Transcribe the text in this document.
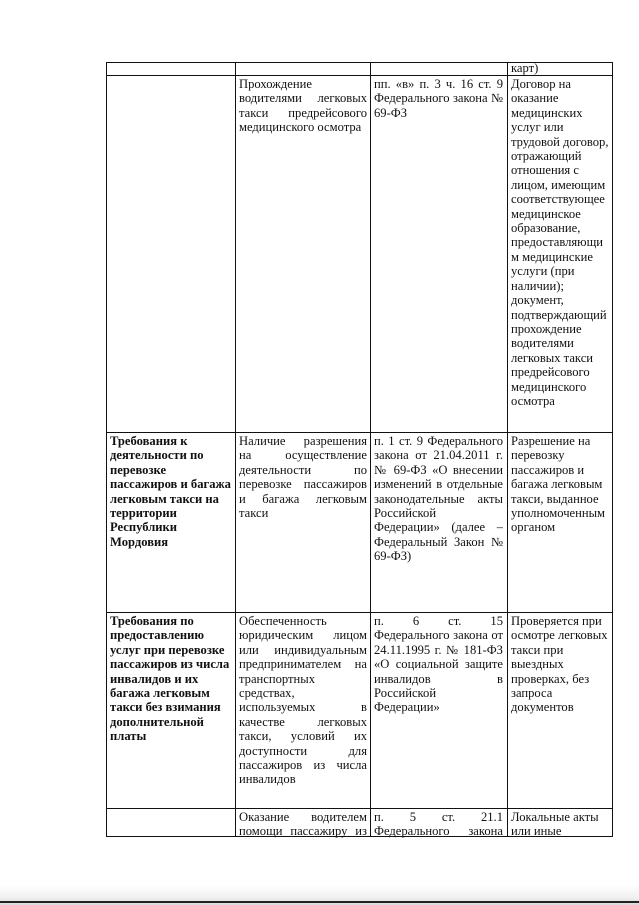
карт)
Прохождение водителями легковых такси предрейсового медицинского осмотра
пп. «в» п. 3 ч. 16 ст. 9 Федерального закона № 69-ФЗ
Договор на оказание медицинских услуг или трудовой договор, отражающий отношения с лицом, имеющим соответствующее медицинское образование, предоставляющи м медицинские услуги (при наличии); документ, подтверждающий прохождение водителями легковых такси предрейсового медицинского осмотра
Требования к деятельности по перевозке пассажиров и багажа легковым такси на территории Республики Мордовия
Наличие разрешения на осуществление деятельности по перевозке пассажиров и багажа легковым такси
п. 1 ст. 9 Федерального закона от 21.04.2011 г. № 69-ФЗ «О внесении изменений в отдельные законодательные акты Российской Федерации» (далее – Федеральный Закон № 69-ФЗ)
Разрешение на перевозку пассажиров и багажа легковым такси, выданное уполномоченным органом
Требования по предоставлению услуг при перевозке пассажиров из числа инвалидов и их багажа легковым такси без взимания дополнительной платы
Обеспеченность юридическим лицом или индивидуальным предпринимателем на транспортных средствах, используемых в качестве легковых такси, условий их доступности для пассажиров из числа инвалидов
п. 6 ст. 15 Федерального закона от 24.11.1995 г. № 181-ФЗ «О социальной защите инвалидов в Российской Федерации»
Проверяется при осмотре легковых такси при выездных проверках, без запроса документов
Оказание водителем помощи пассажиру из
п. 5 ст. 21.1 Федерального закона
Локальные акты или иные
